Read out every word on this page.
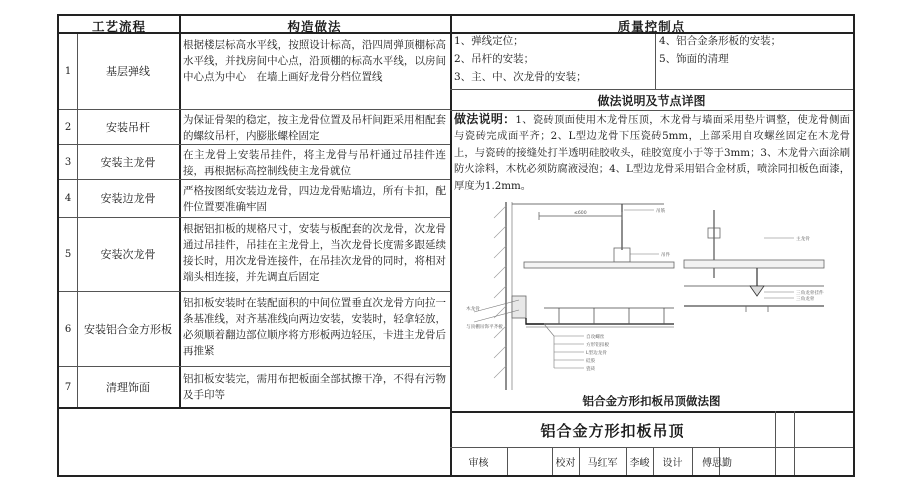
工艺流程	构造做法	质量控制点
1	基层弹线
根据楼层标高水平线，按照设计标高，沿四周弹顶棚标高水平线，并找房间中心点，沿顶棚的标高水平线，以房间中心点为中心　在墙上画好龙骨分档位置线
2	安装吊杆
为保证骨架的稳定，按主龙骨位置及吊杆间距采用相配套的螺纹吊杆，内膨胀螺栓固定
3	安装主龙骨
在主龙骨上安装吊挂件，将主龙骨与吊杆通过吊挂件连接，再根据标高控制线使主龙骨就位
4	安装边龙骨
严格按图纸安装边龙骨，四边龙骨贴墙边，所有卡扣，配件位置要准确牢固
5	安装次龙骨
根据铝扣板的规格尺寸，安装与板配套的次龙骨，次龙骨通过吊挂件，吊挂在主龙骨上，当次龙骨长度需多跟延续接长时，用次龙骨连接件，在吊挂次龙骨的同时，将相对端头相连接，并先调直后固定
6	安装铝合金方形板
铝扣板安装时在装配面积的中间位置垂直次龙骨方向拉一条基准线，对齐基准线向两边安装，安装时，轻拿轻放，必须顺着翻边部位顺序将方形板两边轻压，卡进主龙骨后再推紧
7	清理饰面
铝扣板安装完，需用布把板面全部拭擦干净，不得有污物及手印等
1、弹线定位；
2、吊杆的安装；
3、主、中、次龙骨的安装；
4、铝合金条形板的安装；
5、饰面的清理
做法说明及节点详图
做法说明：1、瓷砖顶面使用木龙骨压顶，木龙骨与墙面采用垫片调整，使龙骨侧面与瓷砖完成面平齐；2、L型边龙骨下压瓷砖5mm，上部采用自攻螺丝固定在木龙骨上，与瓷砖的接缝处打半透明硅胶收头，硅胶宽度小于等于3mm；3、木龙骨六面涂刷防火涂料，木枕必须防腐液浸泡；4、L型边龙骨采用铝合金材质，喷涂同扣板色面漆，厚度为1.2mm。
≤600	吊筋
吊件
木龙骨
与顶棚吊饰平齐板
自攻螺丝
方形铝扣板
L型边龙骨
硅胶
瓷砖
主龙骨
三角龙骨挂件
三角龙骨
铝合金方形扣板吊顶做法图
铝合金方形扣板吊顶
审核	校对	马红军	李峻	设计	傅思勤
